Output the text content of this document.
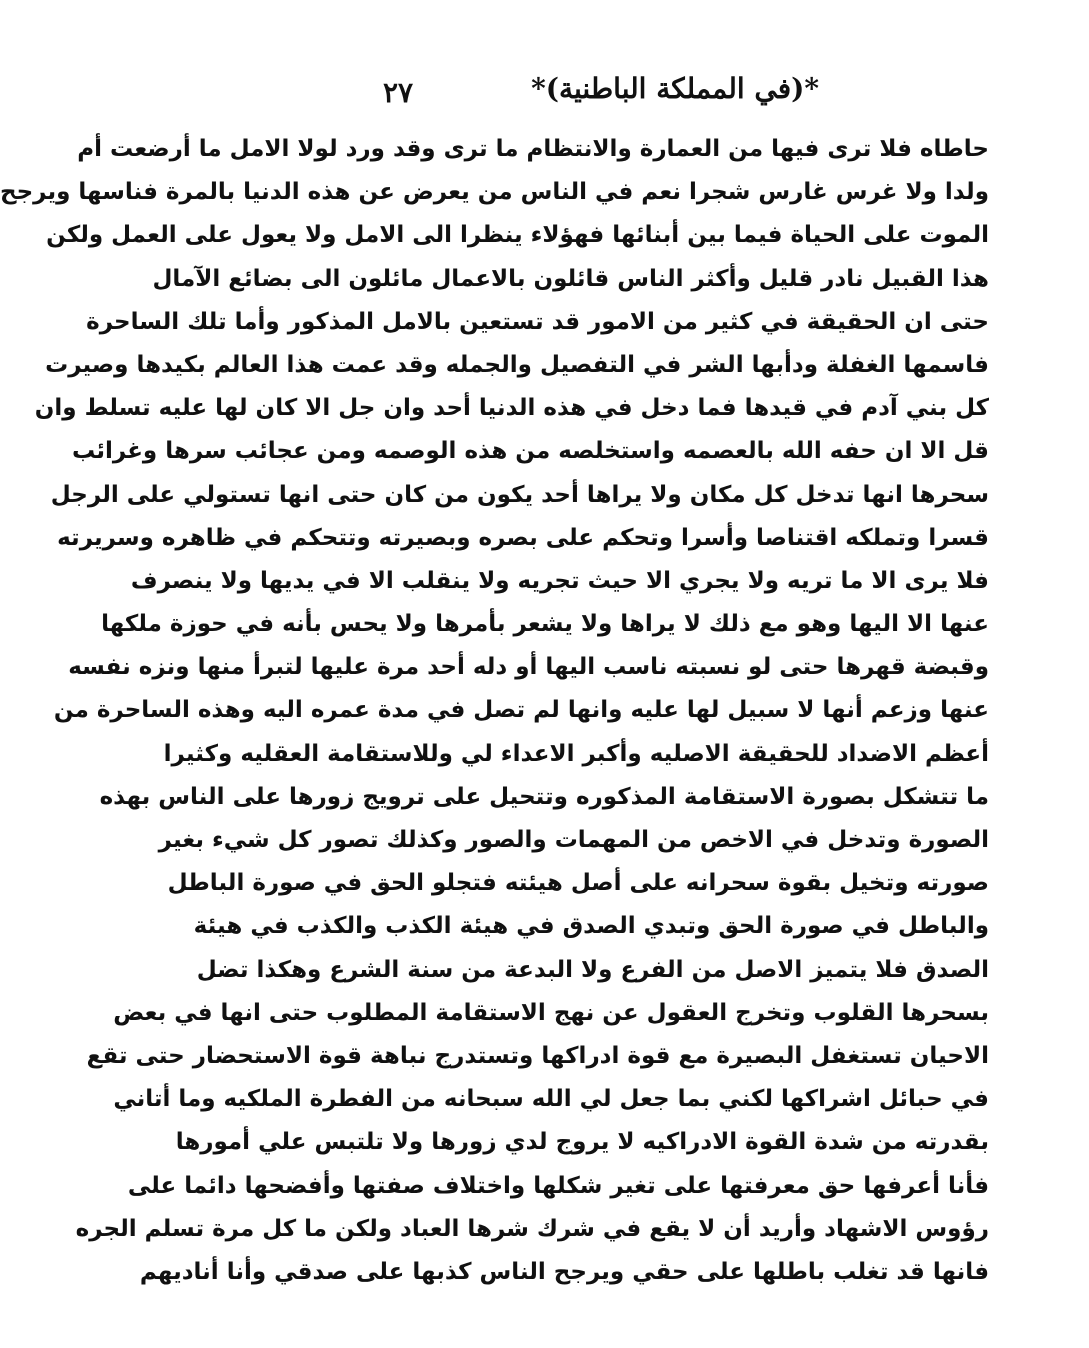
*(في المملكة الباطنية)*
٢٧
حاطاه فلا ترى فيها من العمارة والانتظام ما ترى وقد ورد لولا الامل ما أرضعت أم
ولدا ولا غرس غارس شجرا نعم في الناس من يعرض عن هذه الدنيا بالمرة فناسها ويرجح
الموت على الحياة فيما بين أبنائها فهؤلاء ينظرا الى الامل ولا يعول على العمل ولكن
هذا القبيل نادر قليل وأكثر الناس قائلون بالاعمال مائلون الى بضائع الآمال
حتى ان الحقيقة في كثير من الامور قد تستعين بالامل المذكور وأما تلك الساحرة
فاسمها الغفلة ودأبها الشر في التفصيل والجمله وقد عمت هذا العالم بكيدها وصيرت
كل بني آدم في قيدها فما دخل في هذه الدنيا أحد وان جل الا كان لها عليه تسلط وان
قل الا ان حفه الله بالعصمه واستخلصه من هذه الوصمه ومن عجائب سرها وغرائب
سحرها انها تدخل كل مكان ولا يراها أحد يكون من كان حتى انها تستولي على الرجل
قسرا وتملكه اقتناصا وأسرا وتحكم على بصره وبصيرته وتتحكم في ظاهره وسريرته
فلا يرى الا ما تريه ولا يجري الا حيث تجريه ولا ينقلب الا في يديها ولا ينصرف
عنها الا اليها وهو مع ذلك لا يراها ولا يشعر بأمرها ولا يحس بأنه في حوزة ملكها
وقبضة قهرها حتى لو نسبته ناسب اليها أو دله أحد مرة عليها لتبرأ منها ونزه نفسه
عنها وزعم أنها لا سبيل لها عليه وانها لم تصل في مدة عمره اليه وهذه الساحرة من
أعظم الاضداد للحقيقة الاصليه وأكبر الاعداء لي وللاستقامة العقليه وكثيرا
ما تتشكل بصورة الاستقامة المذكوره وتتحيل على ترويج زورها على الناس بهذه
الصورة وتدخل في الاخص من المهمات والصور وكذلك تصور كل شيء بغير
صورته وتخيل بقوة سحرانه على أصل هيئته فتجلو الحق في صورة الباطل
والباطل في صورة الحق وتبدي الصدق في هيئة الكذب والكذب في هيئة
الصدق فلا يتميز الاصل من الفرع ولا البدعة من سنة الشرع وهكذا تضل
بسحرها القلوب وتخرج العقول عن نهج الاستقامة المطلوب حتى انها في بعض
الاحيان تستغفل البصيرة مع قوة ادراكها وتستدرج نباهة قوة الاستحضار حتى تقع
في حبائل اشراكها لكني بما جعل لي الله سبحانه من الفطرة الملكيه وما أتاني
بقدرته من شدة القوة الادراكيه لا يروج لدي زورها ولا تلتبس علي أمورها
فأنا أعرفها حق معرفتها على تغير شكلها واختلاف صفتها وأفضحها دائما على
رؤوس الاشهاد وأريد أن لا يقع في شرك شرها العباد ولكن ما كل مرة تسلم الجره
فانها قد تغلب باطلها على حقي ويرجح الناس كذبها على صدقي وأنا أناديهم
